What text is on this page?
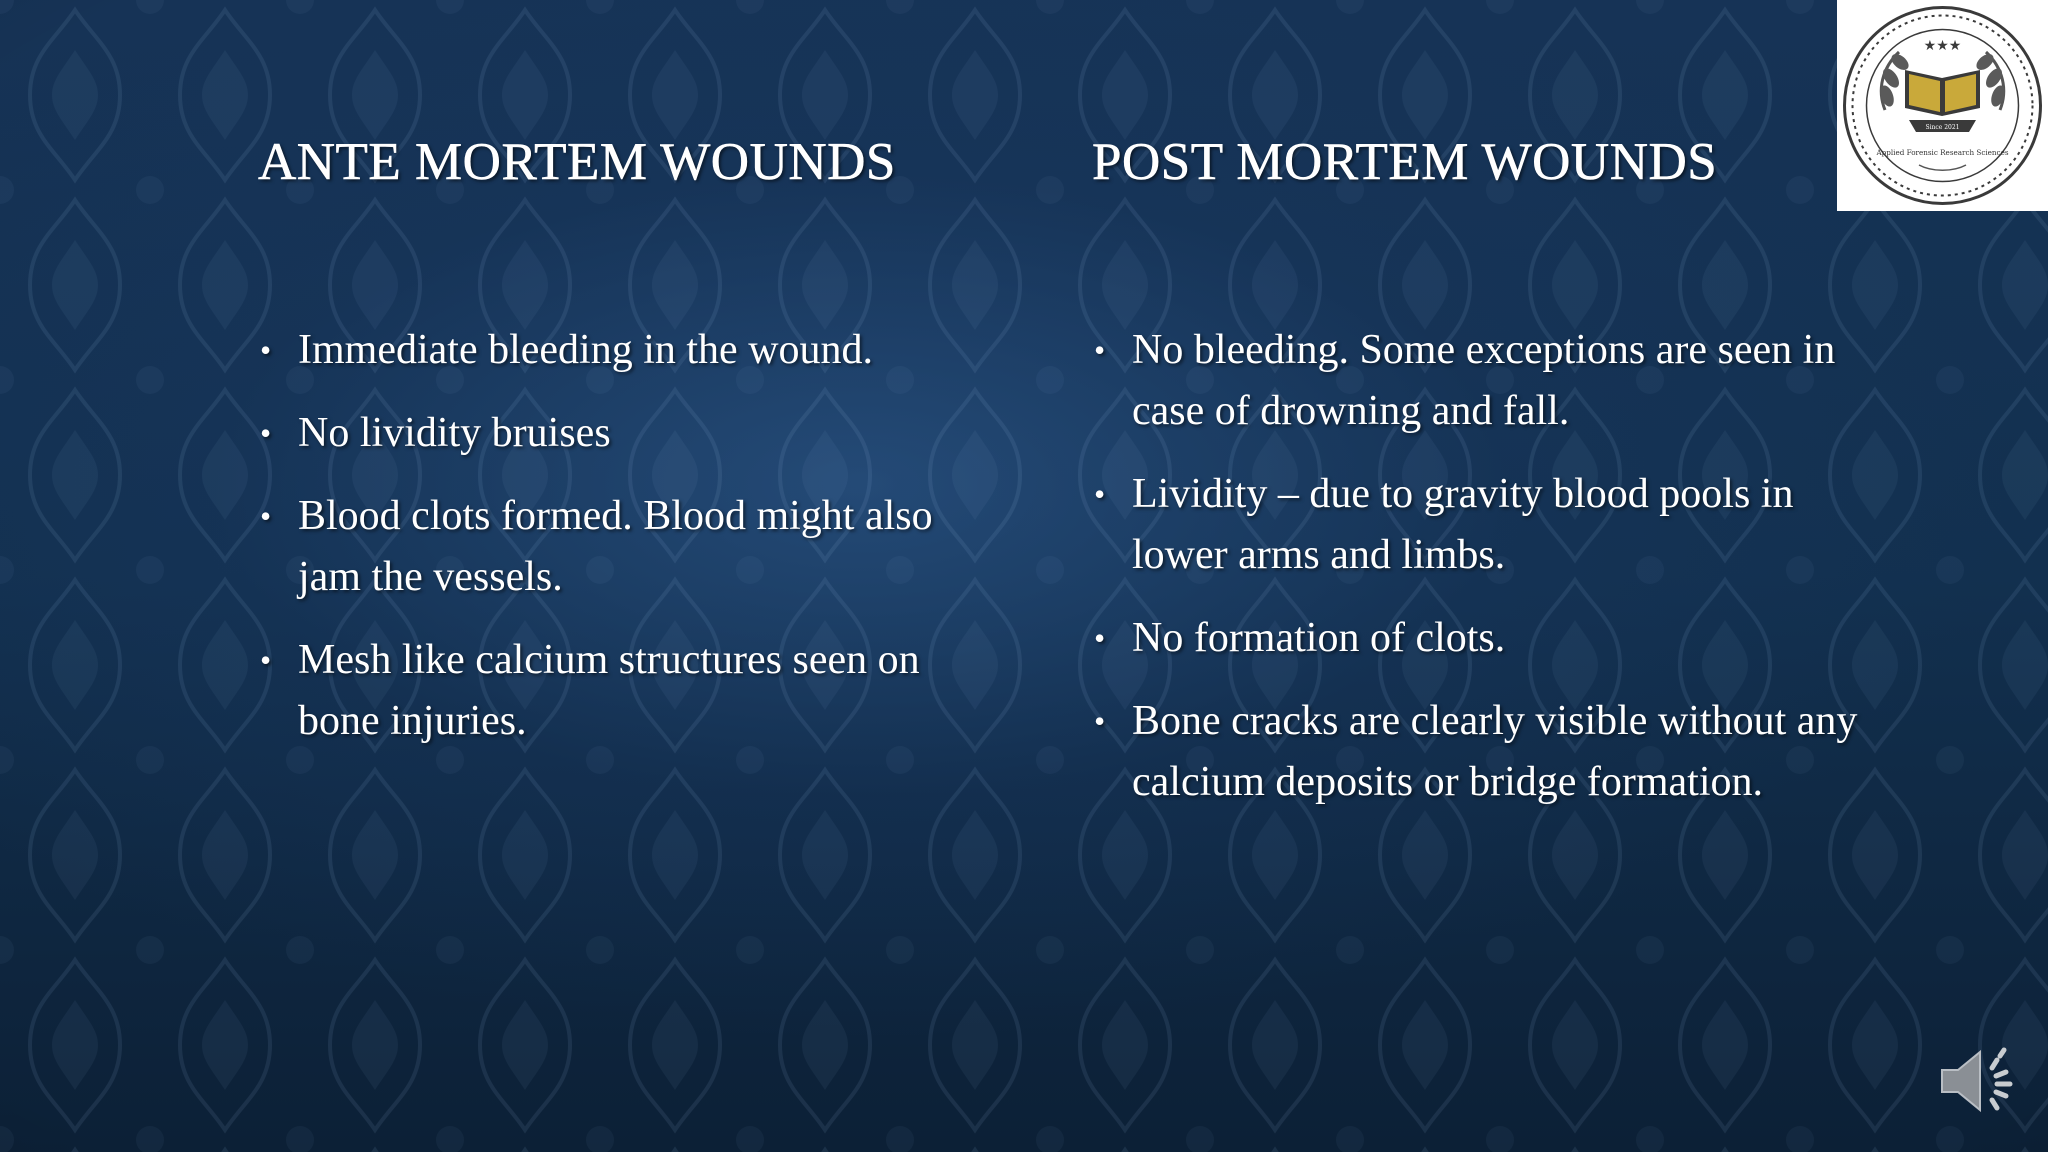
ANTE MORTEM WOUNDS
• Immediate bleeding in the wound.
• No lividity bruises
• Blood clots formed. Blood might also jam the vessels.
• Mesh like calcium structures seen on bone injuries.
POST MORTEM WOUNDS
• No bleeding. Some exceptions are seen in case of drowning and fall.
• Lividity – due to gravity blood pools in lower arms and limbs.
• No formation of clots.
• Bone cracks are clearly visible without any calcium deposits or bridge formation.
Since 2021
★★★
Applied Forensic Research Sciences
